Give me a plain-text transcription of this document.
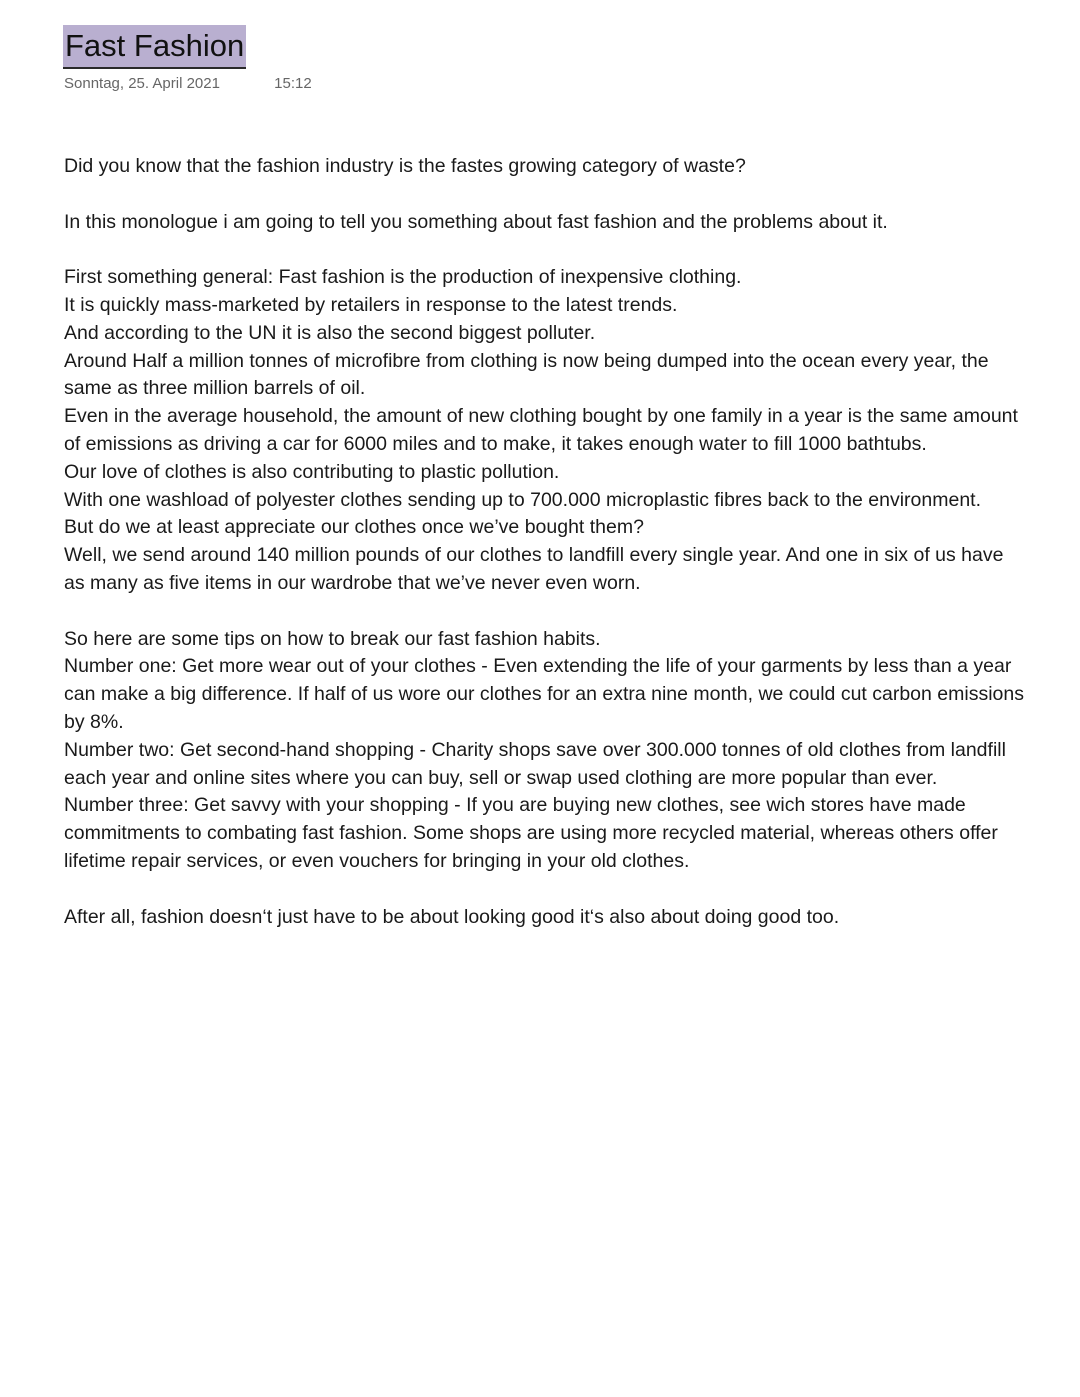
Fast Fashion
Sonntag, 25. April 2021	15:12

Did you know that the fashion industry is the fastes growing category of waste?

In this monologue i am going to tell you something about fast fashion and the problems about it.

First something general: Fast fashion is the production of inexpensive clothing.

It is quickly mass-marketed by retailers in response to the latest trends.

And according to the UN it is also the second biggest polluter.

Around Half a million tonnes of microfibre from clothing is now being dumped into the ocean every year, the same as three million barrels of oil.

Even in the average household, the amount of new clothing bought by one family in a year is the same amount of emissions as driving a car for 6000 miles and to make, it takes enough water to fill 1000 bathtubs.

Our love of clothes is also contributing to plastic pollution.

With one washload of polyester clothes sending up to 700.000 microplastic fibres back to the environment.

But do we at least appreciate our clothes once we’ve bought them?

Well, we send around 140 million pounds of our clothes to landfill every single year. And one in six of us have as many as five items in our wardrobe that we’ve never even worn.

So here are some tips on how to break our fast fashion habits.

Number one: Get more wear out of your clothes - Even extending the life of your garments by less than a year can make a big difference. If half of us wore our clothes for an extra nine month, we could cut carbon emissions by 8%.

Number two: Get second-hand shopping - Charity shops save over 300.000 tonnes of old clothes from landfill each year and online sites where you can buy, sell or swap used clothing are more popular than ever.

Number three: Get savvy with your shopping - If you are buying new clothes, see wich stores have made commitments to combating fast fashion. Some shops are using more recycled material, whereas others offer lifetime repair services, or even vouchers for bringing in your old clothes.

After all, fashion doesn‘t just have to be about looking good it‘s also about doing good too.
